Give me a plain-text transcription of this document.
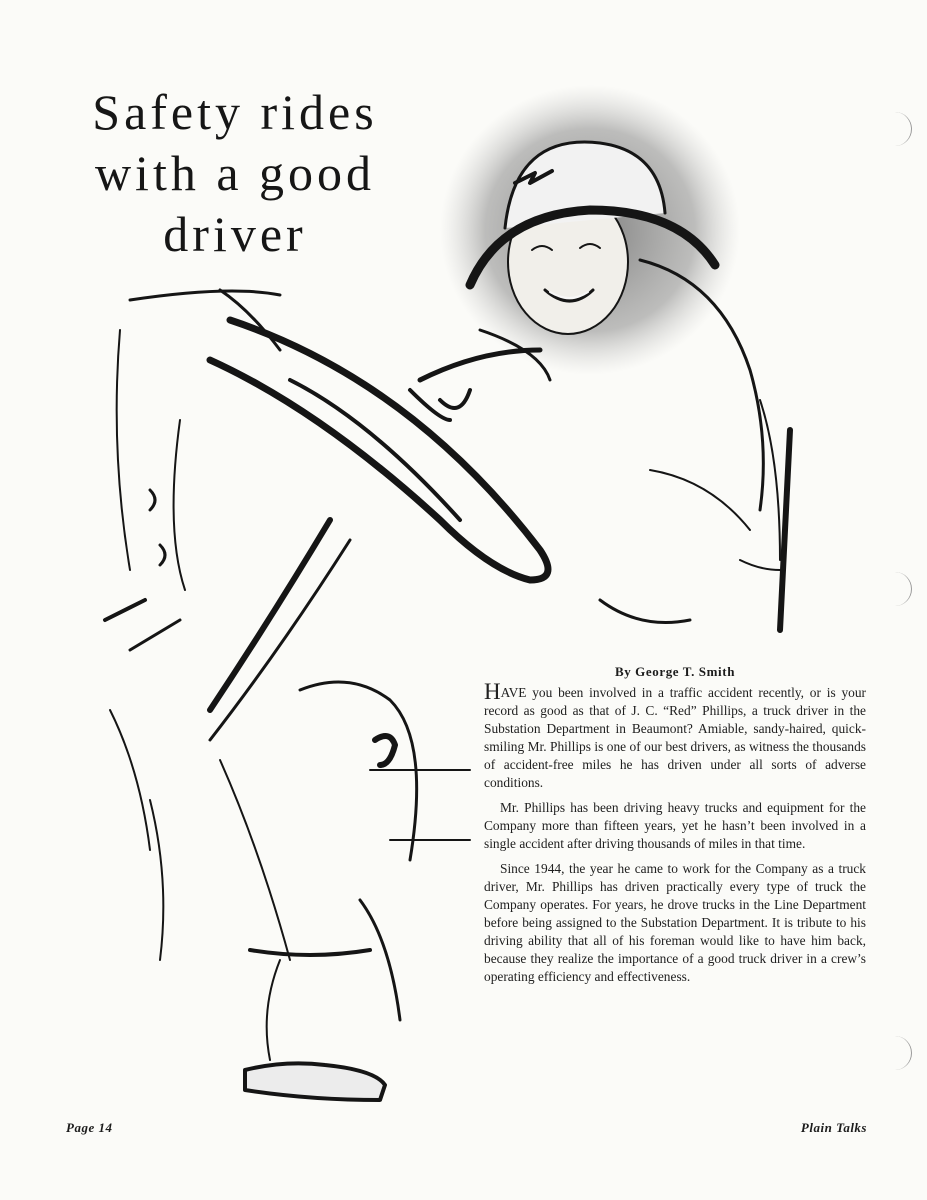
Safety rides
with a good
driver
By George T. Smith

HAVE you been involved in a traffic accident recently, or is your record as good as that of J. C. “Red” Phillips, a truck driver in the Substation Department in Beaumont? Amiable, sandy-haired, quick-smiling Mr. Phillips is one of our best drivers, as witness the thousands of accident-free miles he has driven under all sorts of adverse conditions.

Mr. Phillips has been driving heavy trucks and equipment for the Company more than fifteen years, yet he hasn’t been involved in a single accident after driving thousands of miles in that time.

Since 1944, the year he came to work for the Company as a truck driver, Mr. Phillips has driven practically every type of truck the Company operates. For years, he drove trucks in the Line Department before being assigned to the Substation Department. It is tribute to his driving ability that all of his foreman would like to have him back, because they realize the importance of a good truck driver in a crew’s operating efficiency and effectiveness.

Page 14	Plain Talks
